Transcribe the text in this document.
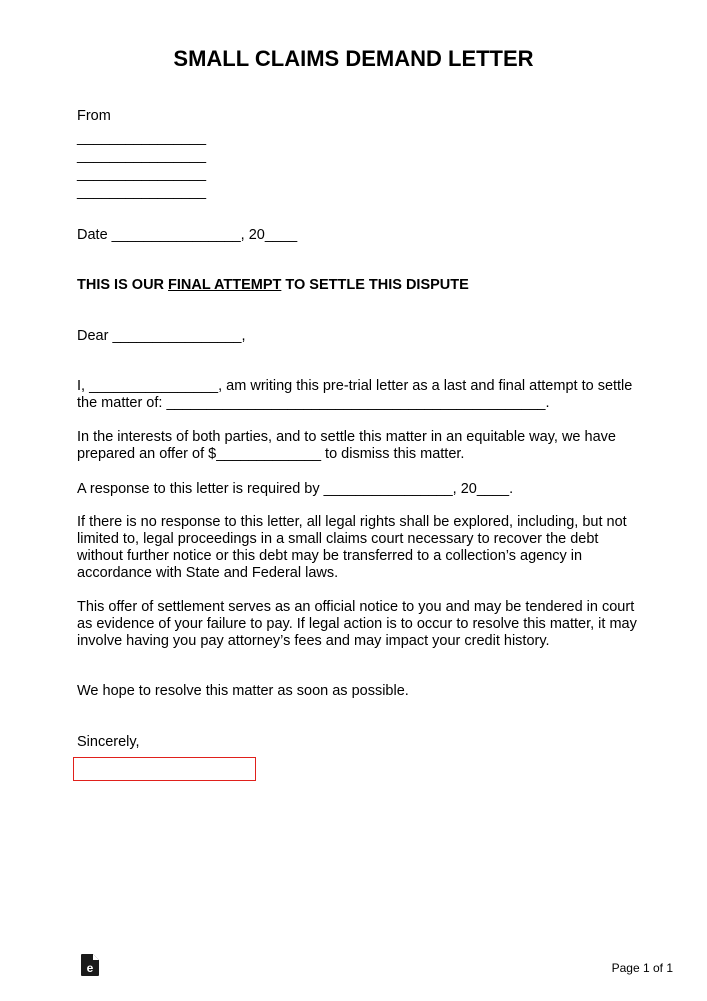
SMALL CLAIMS DEMAND LETTER
From
________________
________________
________________
________________
Date ________________, 20____
THIS IS OUR FINAL ATTEMPT TO SETTLE THIS DISPUTE
Dear ________________,
I, ________________, am writing this pre-trial letter as a last and final attempt to settle the matter of: _______________________________________________.
In the interests of both parties, and to settle this matter in an equitable way, we have prepared an offer of $_____________ to dismiss this matter.
A response to this letter is required by ________________, 20____.
If there is no response to this letter, all legal rights shall be explored, including, but not limited to, legal proceedings in a small claims court necessary to recover the debt without further notice or this debt may be transferred to a collection’s agency in accordance with State and Federal laws.
This offer of settlement serves as an official notice to you and may be tendered in court as evidence of your failure to pay. If legal action is to occur to resolve this matter, it may involve having you pay attorney’s fees and may impact your credit history.
We hope to resolve this matter as soon as possible.
Sincerely,
e	Page 1 of 1
